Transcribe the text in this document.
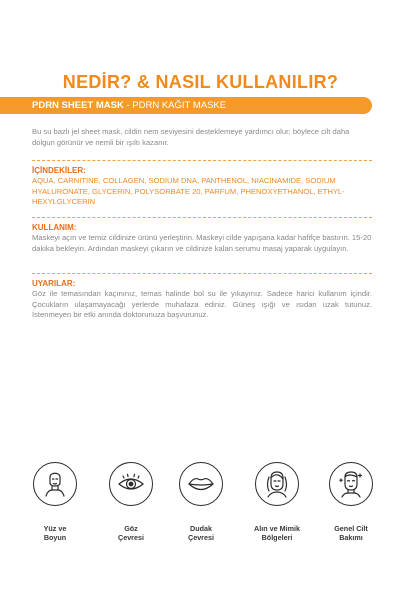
NEDİR? & NASIL KULLANILIR?
PDRN SHEET MASK - PDRN KAĞIT MASKE
Bu su bazlı jel sheet mask, cildin nem seviyesini desteklemeye yardımcı olur; böylece cilt daha dolgun görünür ve nemli bir ışıltı kazanır.
İÇİNDEKİLER:
AQUA, CARNITINE, COLLAGEN, SODIUM DNA, PANTHENOL, NIACINAMIDE, SODIUM HYALURONATE, GLYCERIN, POLYSORBATE 20, PARFUM, PHENOXYETHANOL, ETHYL-HEXYLGLYCERIN
KULLANIM:
Maskeyi açın ve temiz cildinize ürünü yerleştirin. Maskeyi cilde yapışana kadar hafifçe bastırın. 15-20 dakika bekleyin. Ardından maskeyi çıkarın ve cildinize kalan serumu masaj yaparak uygulayın.
UYARILAR:
Göz ile temasından kaçınınız, temas halinde bol su ile yıkayınız. Sadece harici kullanım içindir. Çocukların ulaşamayacağı yerlerde muhafaza ediniz. Güneş ışığı ve ısıdan uzak tutunuz. İstenmeyen bir etki anında doktorunuza başvurunuz.
Yüz ve
Boyun
Göz
Çevresi
Dudak
Çevresi
Alın ve Mimik
Bölgeleri
Genel Cilt
Bakımı
